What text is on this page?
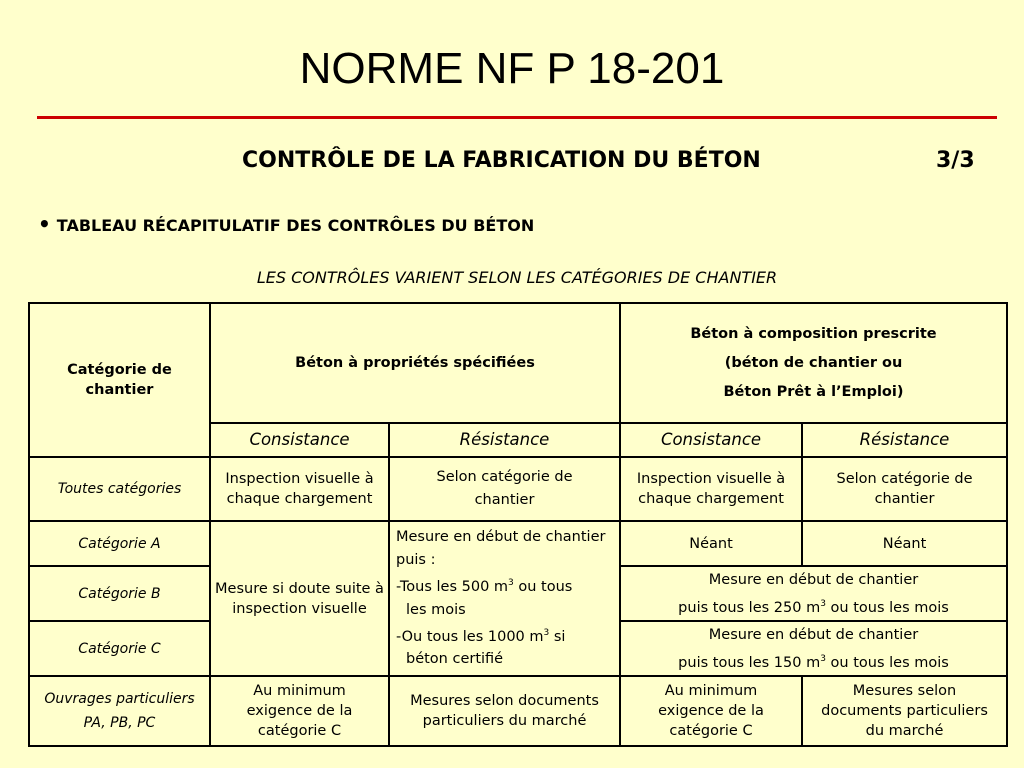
NORME NF P 18-201
CONTRÔLE DE LA FABRICATION DU BÉTON	3/3
• TABLEAU RÉCAPITULATIF DES CONTRÔLES DU BÉTON
LES CONTRÔLES VARIENT SELON LES CATÉGORIES DE CHANTIER
Catégorie de chantier	Béton à propriétés spécifiées		Béton à composition prescrite
(béton de chantier ou
Béton Prêt à l’Emploi)	

	Consistance	Résistance	Consistance	Résistance
Toutes catégories	Inspection visuelle à chaque chargement	Selon catégorie de
chantier	Inspection visuelle à chaque chargement	Selon catégorie de chantier
Catégorie A	Mesure si doute suite à inspection visuelle	Mesure en début de chantier puis :
-Tous les 500 $m^3$ ou tous
les mois
-Ou tous les 1000 $m^3$ si
béton certifié	Néant	Néant
Catégorie B			Mesure en début de chantier
puis tous les 250 $m^3$ ou tous les mois	

Catégorie C			Mesure en début de chantier
puis tous les 150 $m^3$ ou tous les mois	

Ouvrages particuliers
PA, PB, PC	Au minimum exigence de la catégorie C	Mesures selon documents particuliers du marché	Au minimum exigence de la catégorie C	Mesures selon documents particuliers du marché
